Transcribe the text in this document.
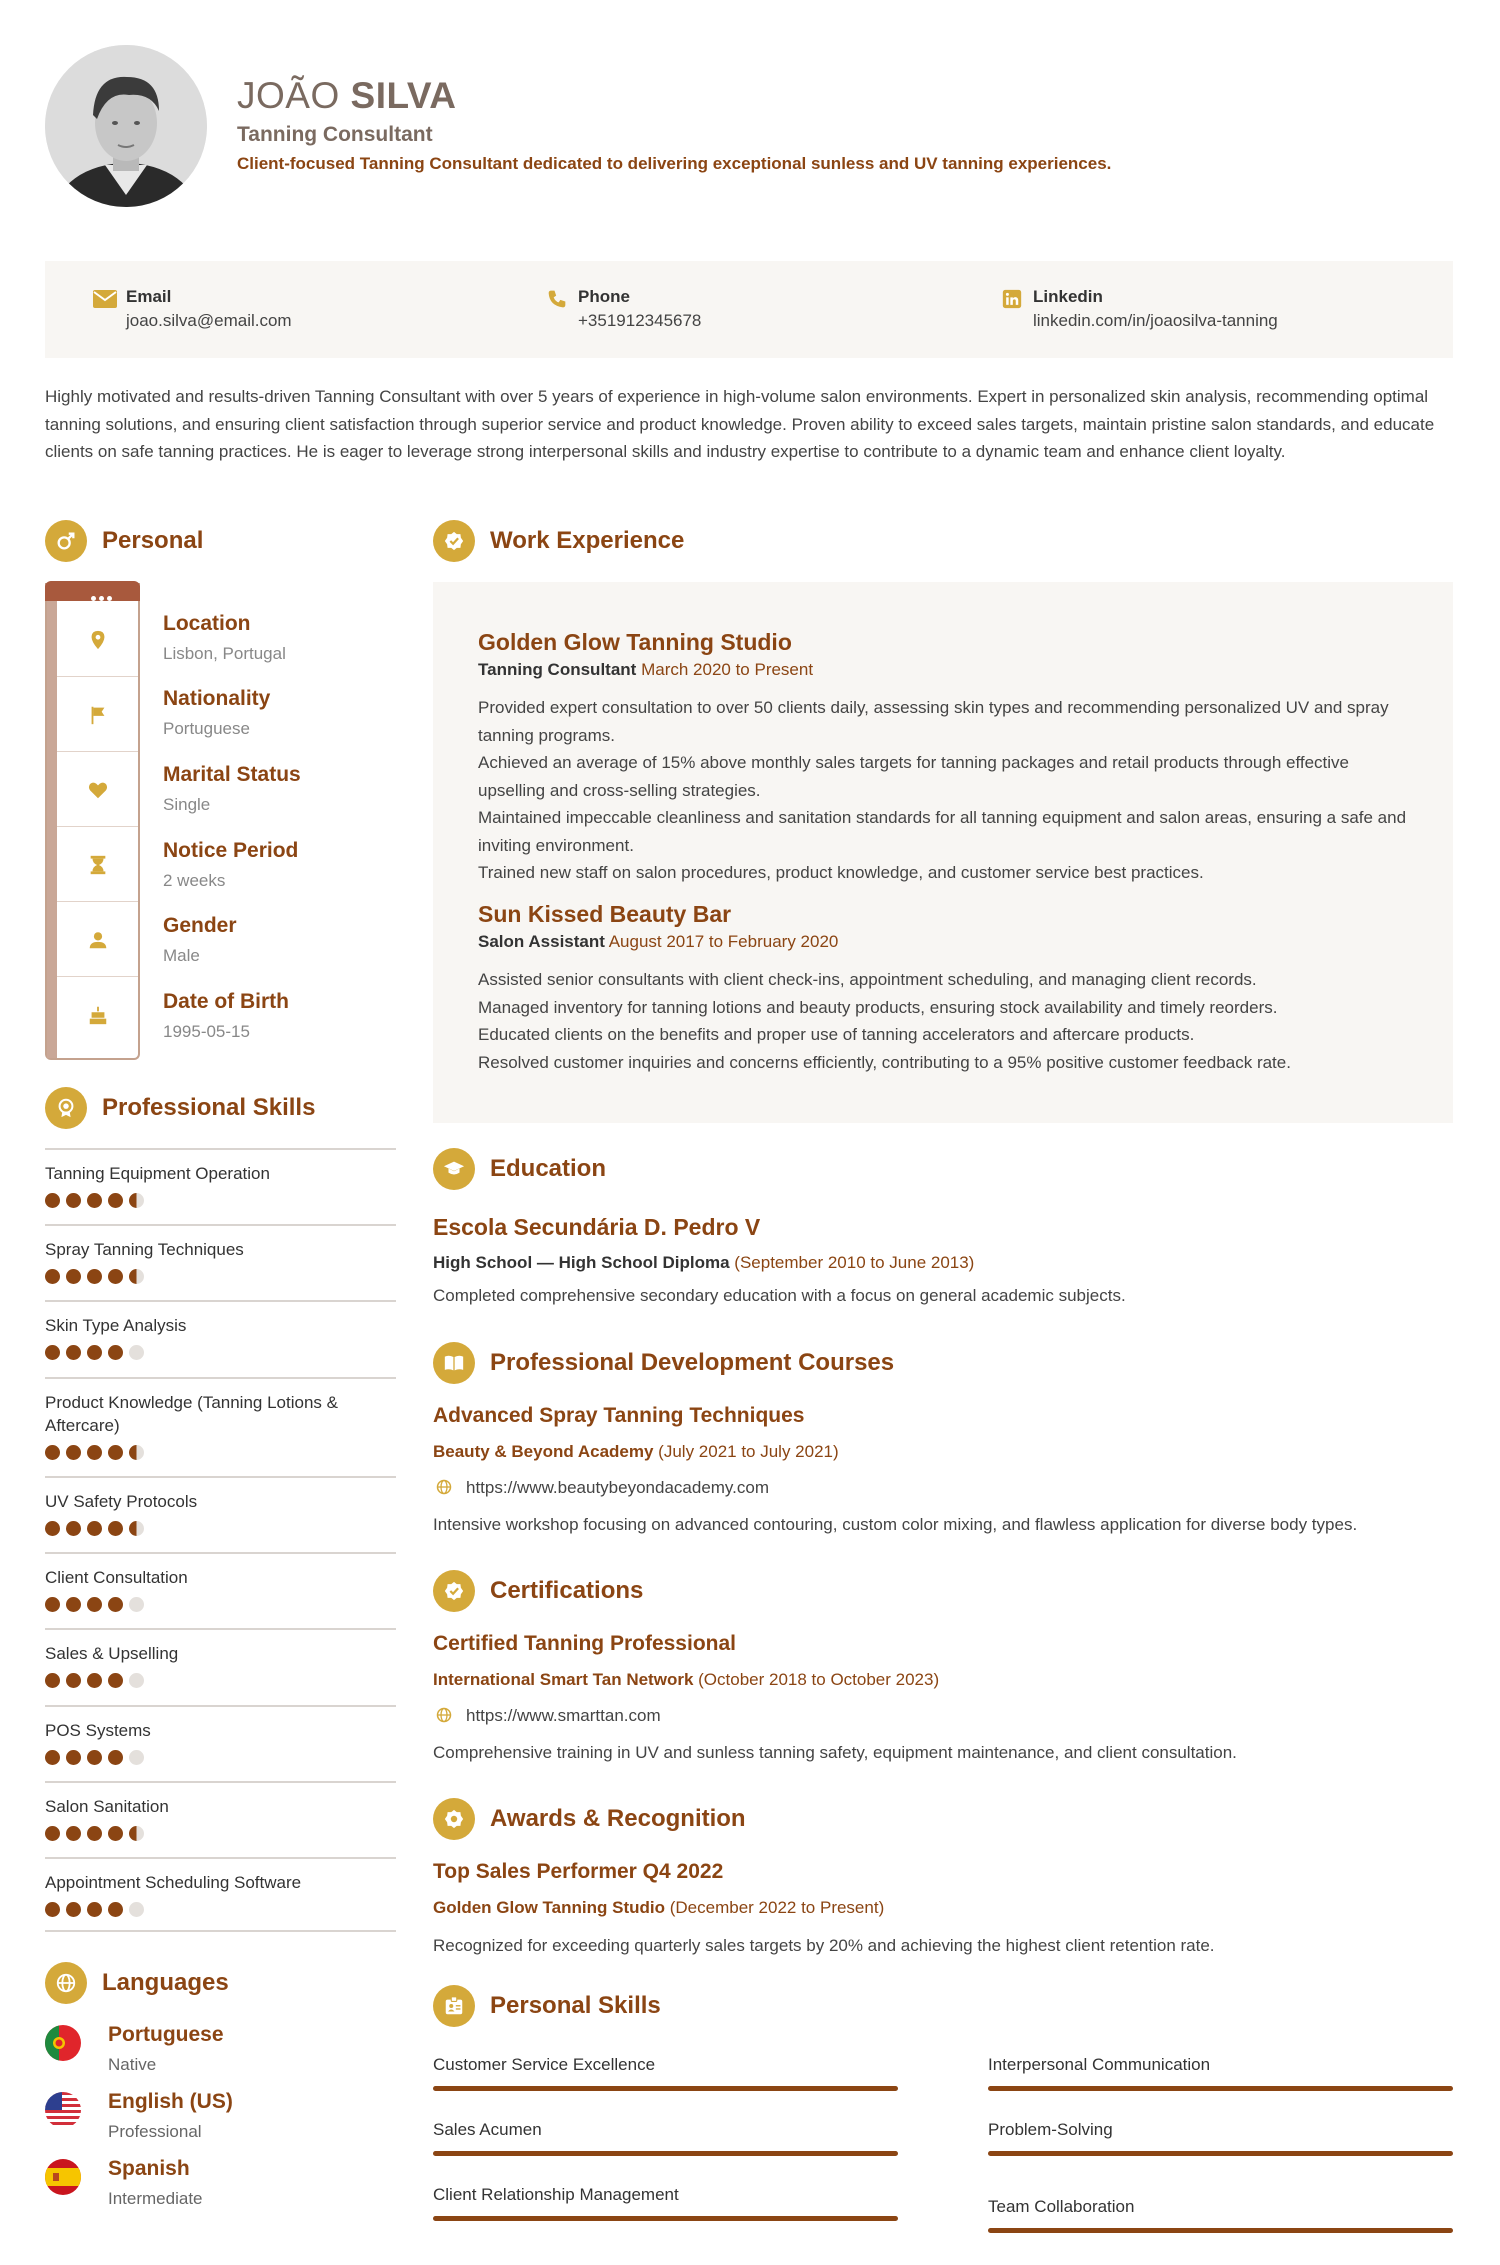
JOÃO SILVA
Tanning Consultant
Client-focused Tanning Consultant dedicated to delivering exceptional sunless and UV tanning experiences.
Email
joao.silva@email.com
Phone
+351912345678
Linkedin
linkedin.com/in/joaosilva-tanning
Highly motivated and results-driven Tanning Consultant with over 5 years of experience in high-volume salon environments. Expert in personalized skin analysis, recommending optimal tanning solutions, and ensuring client satisfaction through superior service and product knowledge. Proven ability to exceed sales targets, maintain pristine salon standards, and educate clients on safe tanning practices. He is eager to leverage strong interpersonal skills and industry expertise to contribute to a dynamic team and enhance client loyalty.
Personal
Location
Lisbon, Portugal
Nationality
Portuguese
Marital Status
Single
Notice Period
2 weeks
Gender
Male
Date of Birth
1995-05-15
Professional Skills
Tanning Equipment Operation
Spray Tanning Techniques
Skin Type Analysis
Product Knowledge (Tanning Lotions & Aftercare)
UV Safety Protocols
Client Consultation
Sales & Upselling
POS Systems
Salon Sanitation
Appointment Scheduling Software
Languages
Portuguese
Native
English (US)
Professional
Spanish
Intermediate
Work Experience
Golden Glow Tanning Studio
Tanning Consultant March 2020 to Present
Provided expert consultation to over 50 clients daily, assessing skin types and recommending personalized UV and spray tanning programs.
Achieved an average of 15% above monthly sales targets for tanning packages and retail products through effective upselling and cross-selling strategies.
Maintained impeccable cleanliness and sanitation standards for all tanning equipment and salon areas, ensuring a safe and inviting environment.
Trained new staff on salon procedures, product knowledge, and customer service best practices.
Sun Kissed Beauty Bar
Salon Assistant August 2017 to February 2020
Assisted senior consultants with client check-ins, appointment scheduling, and managing client records.
Managed inventory for tanning lotions and beauty products, ensuring stock availability and timely reorders.
Educated clients on the benefits and proper use of tanning accelerators and aftercare products.
Resolved customer inquiries and concerns efficiently, contributing to a 95% positive customer feedback rate.
Education
Escola Secundária D. Pedro V
High School — High School Diploma (September 2010 to June 2013)
Completed comprehensive secondary education with a focus on general academic subjects.
Professional Development Courses
Advanced Spray Tanning Techniques
Beauty & Beyond Academy (July 2021 to July 2021)
https://www.beautybeyondacademy.com
Intensive workshop focusing on advanced contouring, custom color mixing, and flawless application for diverse body types.
Certifications
Certified Tanning Professional
International Smart Tan Network (October 2018 to October 2023)
https://www.smarttan.com
Comprehensive training in UV and sunless tanning safety, equipment maintenance, and client consultation.
Awards & Recognition
Top Sales Performer Q4 2022
Golden Glow Tanning Studio (December 2022 to Present)
Recognized for exceeding quarterly sales targets by 20% and achieving the highest client retention rate.
Personal Skills
Customer Service Excellence	Interpersonal Communication
Sales Acumen	Problem-Solving
Client Relationship Management
Team Collaboration
